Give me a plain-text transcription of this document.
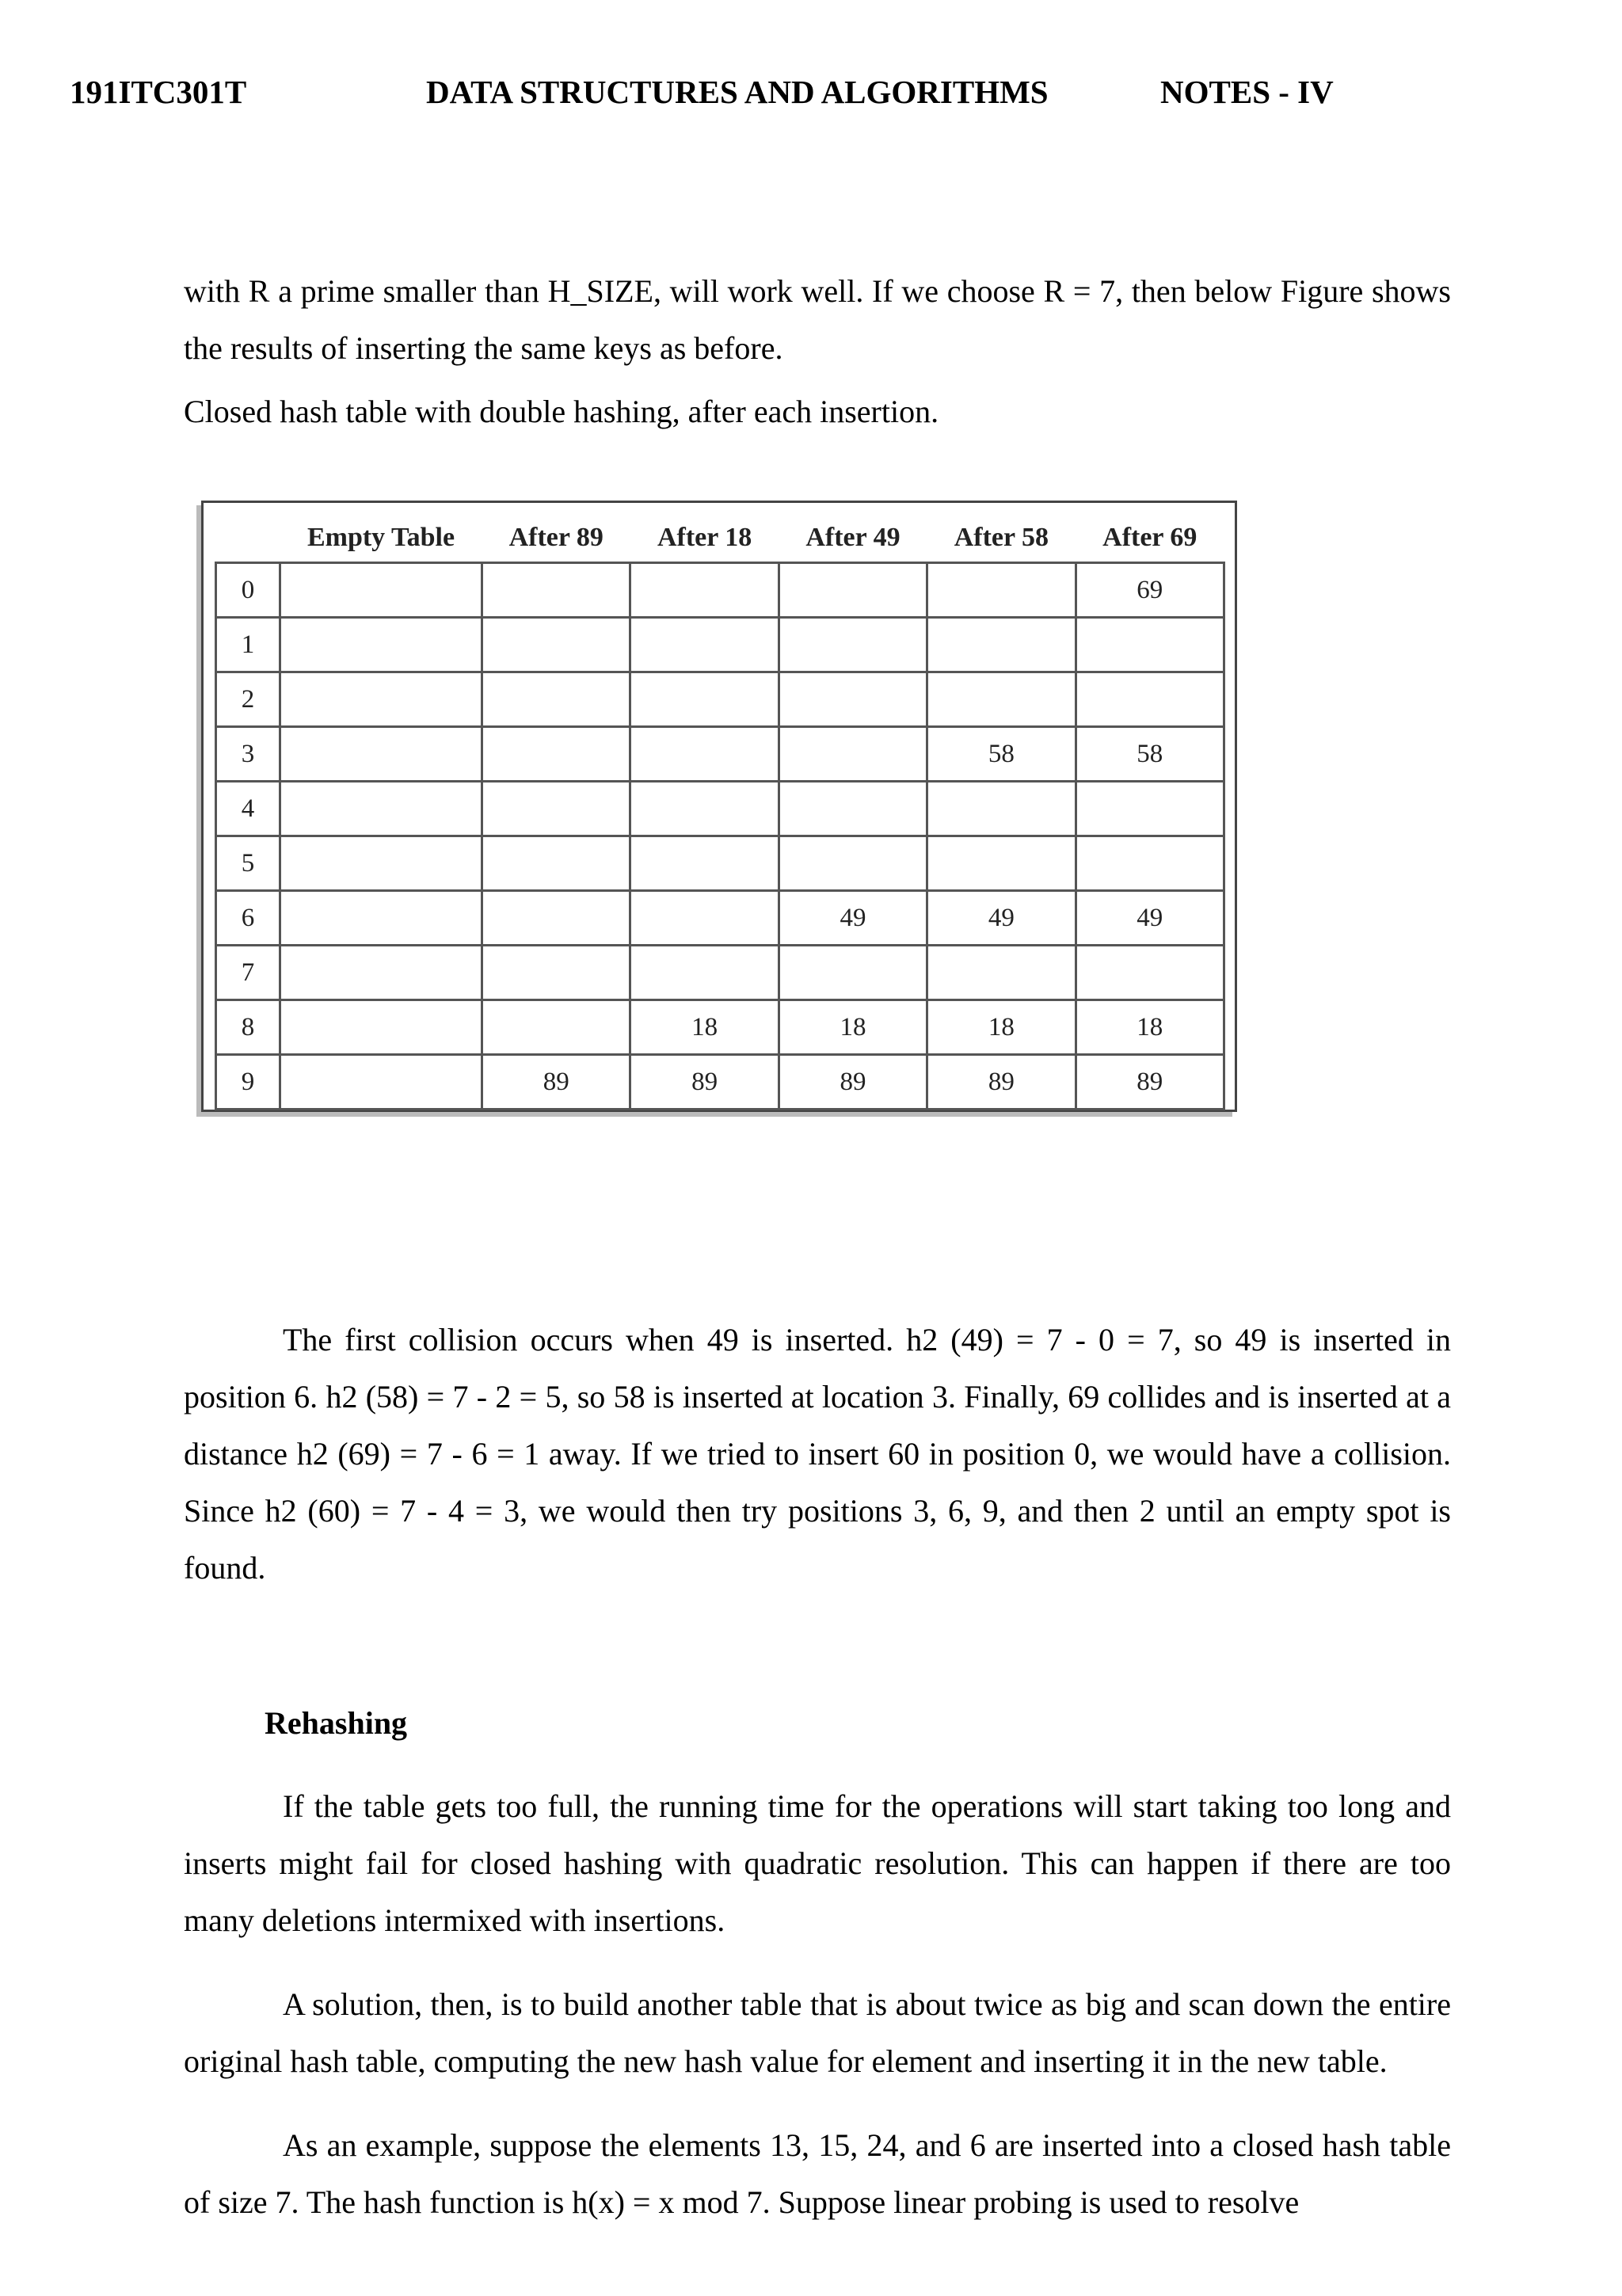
191ITC301T	DATA STRUCTURES AND ALGORITHMS	NOTES - IV

with R a prime smaller than H_SIZE, will work well. If we choose R = 7, then below Figure shows the results of inserting the same keys as before.

Closed hash table with double hashing, after each insertion.

	Empty Table	After 89	After 18	After 49	After 58	After 69
0						69
1						
2						
3					58	58
4						
5						
6				49	49	49
7						
8			18	18	18	18
9		89	89	89	89	89

The first collision occurs when 49 is inserted. h2 (49) = 7 - 0 = 7, so 49 is inserted in position 6. h2 (58) = 7 - 2 = 5, so 58 is inserted at location 3. Finally, 69 collides and is inserted at a distance h2 (69) = 7 - 6 = 1 away. If we tried to insert 60 in position 0, we would have a collision. Since h2 (60) = 7 - 4 = 3, we would then try positions 3, 6, 9, and then 2 until an empty spot is found.

Rehashing

If the table gets too full, the running time for the operations will start taking too long and inserts might fail for closed hashing with quadratic resolution. This can happen if there are too many deletions intermixed with insertions.

A solution, then, is to build another table that is about twice as big and scan down the entire original hash table, computing the new hash value for element and inserting it in the new table.

As an example, suppose the elements 13, 15, 24, and 6 are inserted into a closed hash table of size 7. The hash function is h(x) = x mod 7. Suppose linear probing is used to resolve
